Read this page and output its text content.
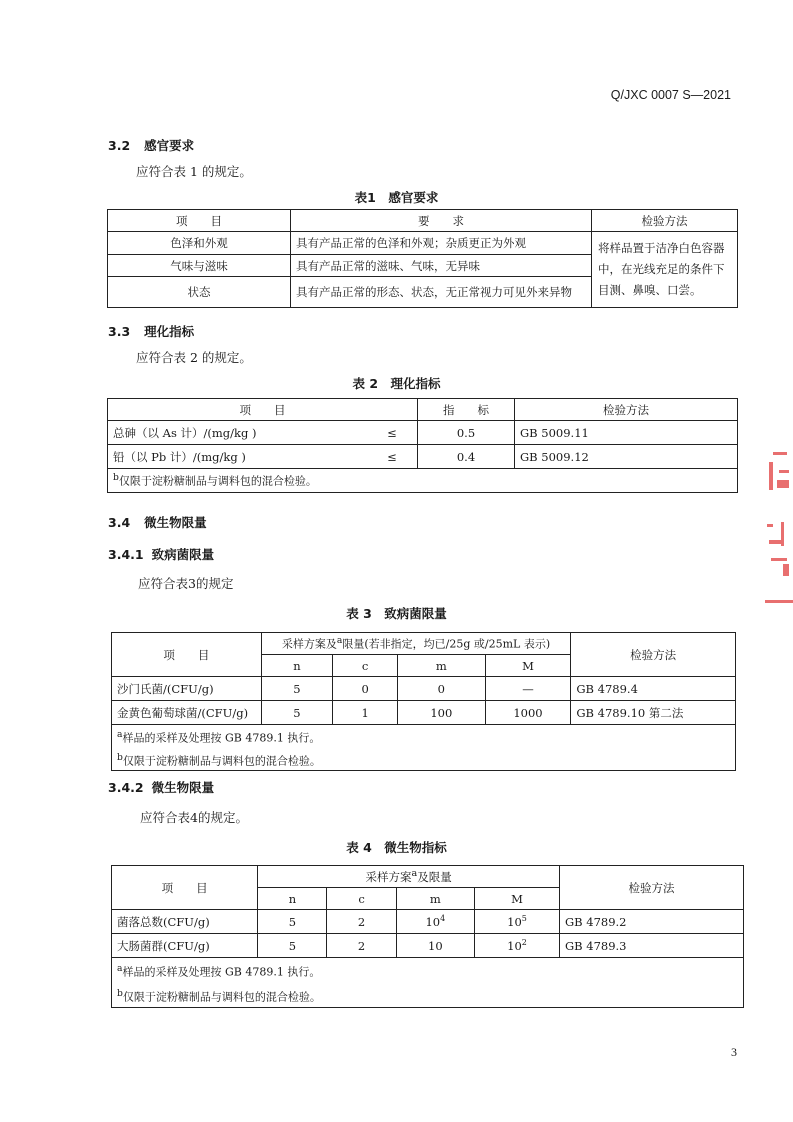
Q/JXC 0007 S—2021
3.2 感官要求
应符合表 1 的规定。
表1　感官要求
项　　目	要　　求	检验方法
色泽和外观	具有产品正常的色泽和外观；杂质更正为外观	将样品置于洁净白色容器中，在光线充足的条件下目测、鼻嗅、口尝。
气味与滋味	具有产品正常的滋味、气味，无异味	
状态	具有产品正常的形态、状态，无正常视力可见外来异物	
3.3 理化指标
应符合表 2 的规定。
表 2　理化指标
项　　目		指　　标	检验方法
总砷（以 As 计）/(mg/kg )	≤	0.5	GB 5009.11
铅（以 Pb 计）/(mg/kg )	≤	0.4	GB 5009.12
$^b$仅限于淀粉糖制品与调料包的混合检验。			
3.4 微生物限量
3.4.1 致病菌限量
应符合表3的规定
表 3　致病菌限量
项　　目	采样方案及$^a$限量(若非指定，均已/25g 或/25mL 表示)				检验方法
	n	c	m	M	
沙门氏菌/(CFU/g)	5	0	0	—	GB 4789.4
金黄色葡萄球菌/(CFU/g)	5	1	100	1000	GB 4789.10 第二法

$^a$样品的采样及处理按 GB 4789.1 执行。
$^b$仅限于淀粉糖制品与调料包的混合检验。					
3.4.2 微生物限量
应符合表4的规定。
表 4　微生物指标
项　　目	采样方案$^a$及限量				检验方法
	n	c	m	M	
菌落总数(CFU/g)	5	2	$10^4$	$10^5$	GB 4789.2
大肠菌群(CFU/g)	5	2	10	$10^2$	GB 4789.3

$^a$样品的采样及处理按 GB 4789.1 执行。
$^b$仅限于淀粉糖制品与调料包的混合检验。					
3
